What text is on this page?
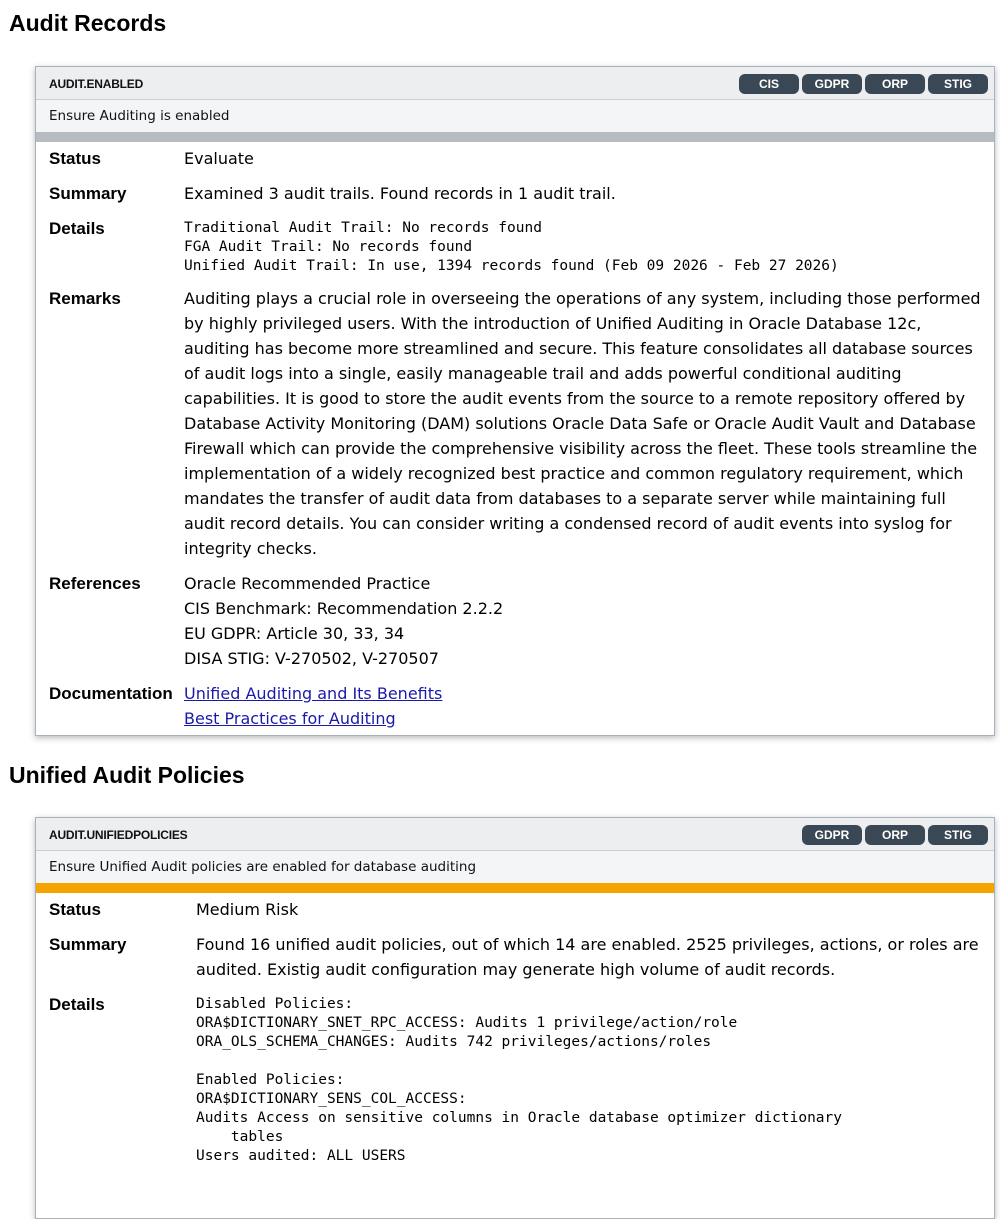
Audit Records
AUDIT.ENABLED	CIS	GDPR	ORP	STIG
Ensure Auditing is enabled
Status	Evaluate
Summary	Examined 3 audit trails. Found records in 1 audit trail.
Details	Traditional Audit Trail: No records found
FGA Audit Trail: No records found
Unified Audit Trail: In use, 1394 records found (Feb 09 2026 - Feb 27 2026)
Remarks	Auditing plays a crucial role in overseeing the operations of any system, including those performed by highly privileged users. With the introduction of Unified Auditing in Oracle Database 12c, auditing has become more streamlined and secure. This feature consolidates all database sources of audit logs into a single, easily manageable trail and adds powerful conditional auditing capabilities. It is good to store the audit events from the source to a remote repository offered by Database Activity Monitoring (DAM) solutions Oracle Data Safe or Oracle Audit Vault and Database Firewall which can provide the comprehensive visibility across the fleet. These tools streamline the implementation of a widely recognized best practice and common regulatory requirement, which mandates the transfer of audit data from databases to a separate server while maintaining full audit record details. You can consider writing a condensed record of audit events into syslog for integrity checks.
References	Oracle Recommended Practice
CIS Benchmark: Recommendation 2.2.2
EU GDPR: Article 30, 33, 34
DISA STIG: V-270502, V-270507
Documentation Unified Auditing and Its Benefits
Best Practices for Auditing
Unified Audit Policies
AUDIT.UNIFIEDPOLICIES	GDPR	ORP	STIG
Ensure Unified Audit policies are enabled for database auditing
Status	Medium Risk
Summary	Found 16 unified audit policies, out of which 14 are enabled. 2525 privileges, actions, or roles are audited. Existig audit configuration may generate high volume of audit records.
Details	Disabled Policies:
ORA$DICTIONARY_SNET_RPC_ACCESS: Audits 1 privilege/action/role
ORA_OLS_SCHEMA_CHANGES: Audits 742 privileges/actions/roles

Enabled Policies:
ORA$DICTIONARY_SENS_COL_ACCESS:
Audits Access on sensitive columns in Oracle database optimizer dictionary
tables
Users audited: ALL USERS
